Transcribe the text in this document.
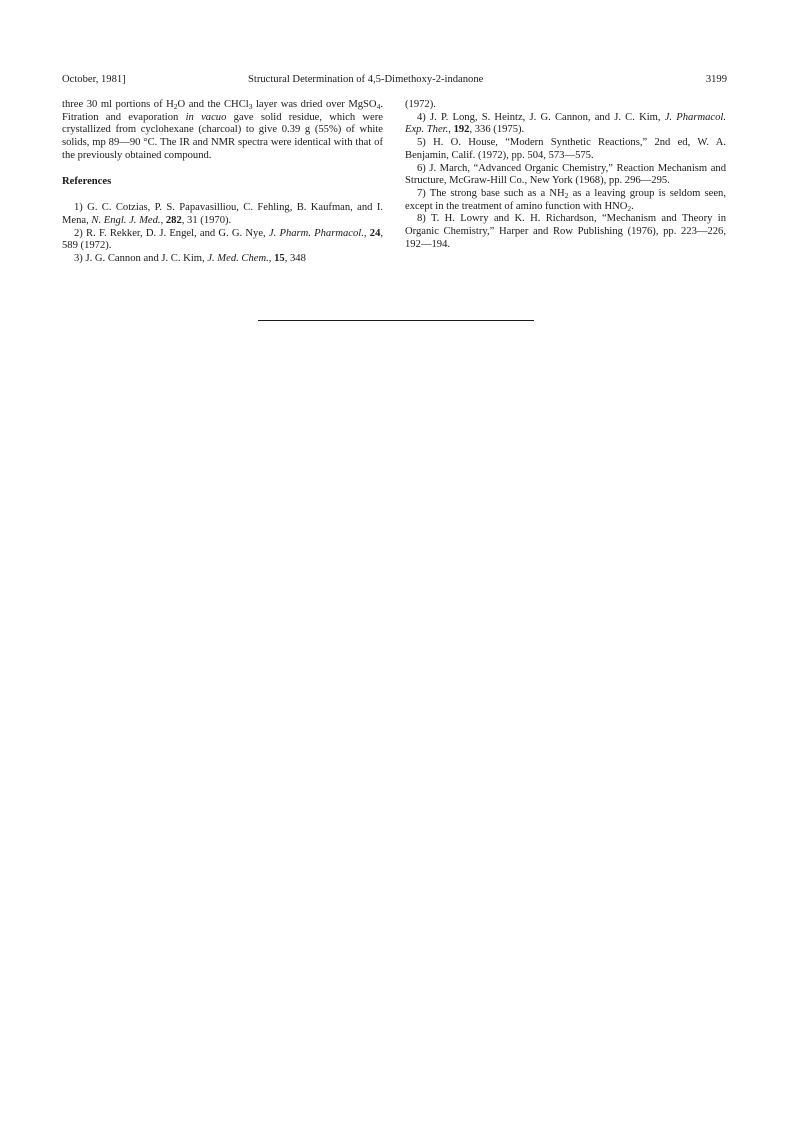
October, 1981]	Structural Determination of 4,5-Dimethoxy-2-indanone	3199

three 30 ml portions of $H_2O$ and the CHCl$_3$ layer was dried over MgSO$_4$. Fitration and evaporation in vacuo gave solid residue, which were crystallized from cyclohexane (charcoal) to give 0.39 g (55%) of white solids, mp 89—90 °C. The IR and NMR spectra were identical with that of the previously obtained compound.

References

1) G. C. Cotzias, P. S. Papavasilliou, C. Fehling, B. Kaufman, and I. Mena, N. Engl. J. Med., 282, 31 (1970).

2) R. F. Rekker, D. J. Engel, and G. G. Nye, J. Pharm. Pharmacol., 24, 589 (1972).

3) J. G. Cannon and J. C. Kim, J. Med. Chem., 15, 348

(1972).

4) J. P. Long, S. Heintz, J. G. Cannon, and J. C. Kim, J. Pharmacol. Exp. Ther., 192, 336 (1975).

5) H. O. House, “Modern Synthetic Reactions,” 2nd ed, W. A. Benjamin, Calif. (1972), pp. 504, 573—575.

6) J. March, “Advanced Organic Chemistry,” Reaction Mechanism and Structure, McGraw-Hill Co., New York (1968), pp. 296—295.

7) The strong base such as a $NH_2$ as a leaving group is seldom seen, except in the treatment of amino function with $HNO_2$.

8) T. H. Lowry and K. H. Richardson, “Mechanism and Theory in Organic Chemistry,” Harper and Row Publishing (1976), pp. 223—226, 192—194.
